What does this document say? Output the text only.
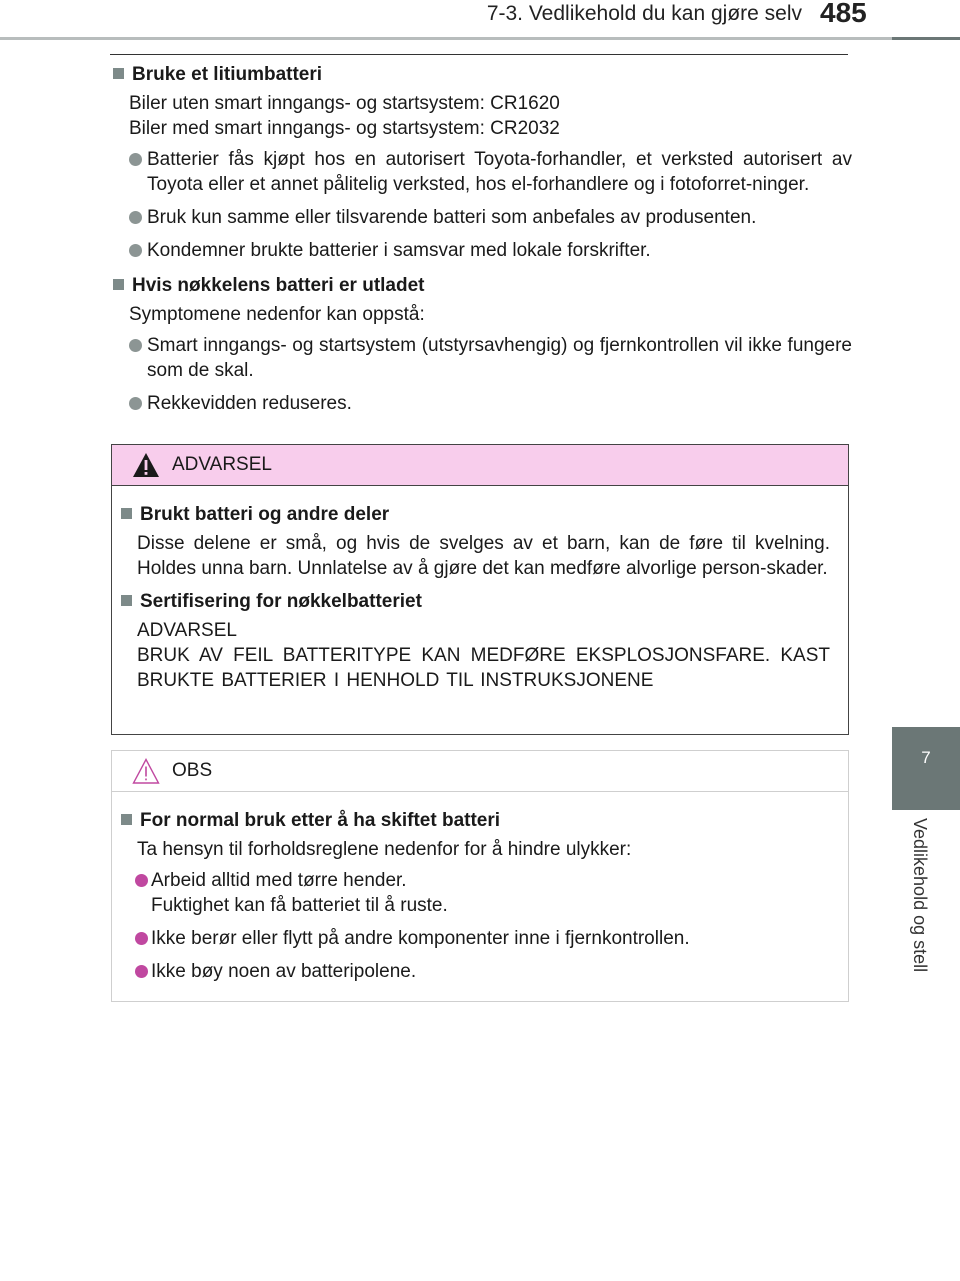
7-3. Vedlikehold du kan gjøre selv 485
7
Vedlikehold og stell
Bruke et litiumbatteri
Biler uten smart inngangs- og startsystem: CR1620
Biler med smart inngangs- og startsystem: CR2032
Batterier fås kjøpt hos en autorisert Toyota-forhandler, et verksted autorisert av Toyota eller et annet pålitelig verksted, hos el-forhandlere og i fotoforret-ninger.
Bruk kun samme eller tilsvarende batteri som anbefales av produsenten.
Kondemner brukte batterier i samsvar med lokale forskrifter.
Hvis nøkkelens batteri er utladet
Symptomene nedenfor kan oppstå:
Smart inngangs- og startsystem (utstyrsavhengig) og fjernkontrollen vil ikke fungere som de skal.
Rekkevidden reduseres.
ADVARSEL
Brukt batteri og andre deler
Disse delene er små, og hvis de svelges av et barn, kan de føre til kvelning. Holdes unna barn. Unnlatelse av å gjøre det kan medføre alvorlige person-skader.
Sertifisering for nøkkelbatteriet
ADVARSEL
BRUK AV FEIL BATTERITYPE KAN MEDFØRE EKSPLOSJONSFARE. KAST BRUKTE BATTERIER I HENHOLD TIL INSTRUKSJONENE
OBS
For normal bruk etter å ha skiftet batteri
Ta hensyn til forholdsreglene nedenfor for å hindre ulykker:
Arbeid alltid med tørre hender.
Fuktighet kan få batteriet til å ruste.
Ikke berør eller flytt på andre komponenter inne i fjernkontrollen.
Ikke bøy noen av batteripolene.
